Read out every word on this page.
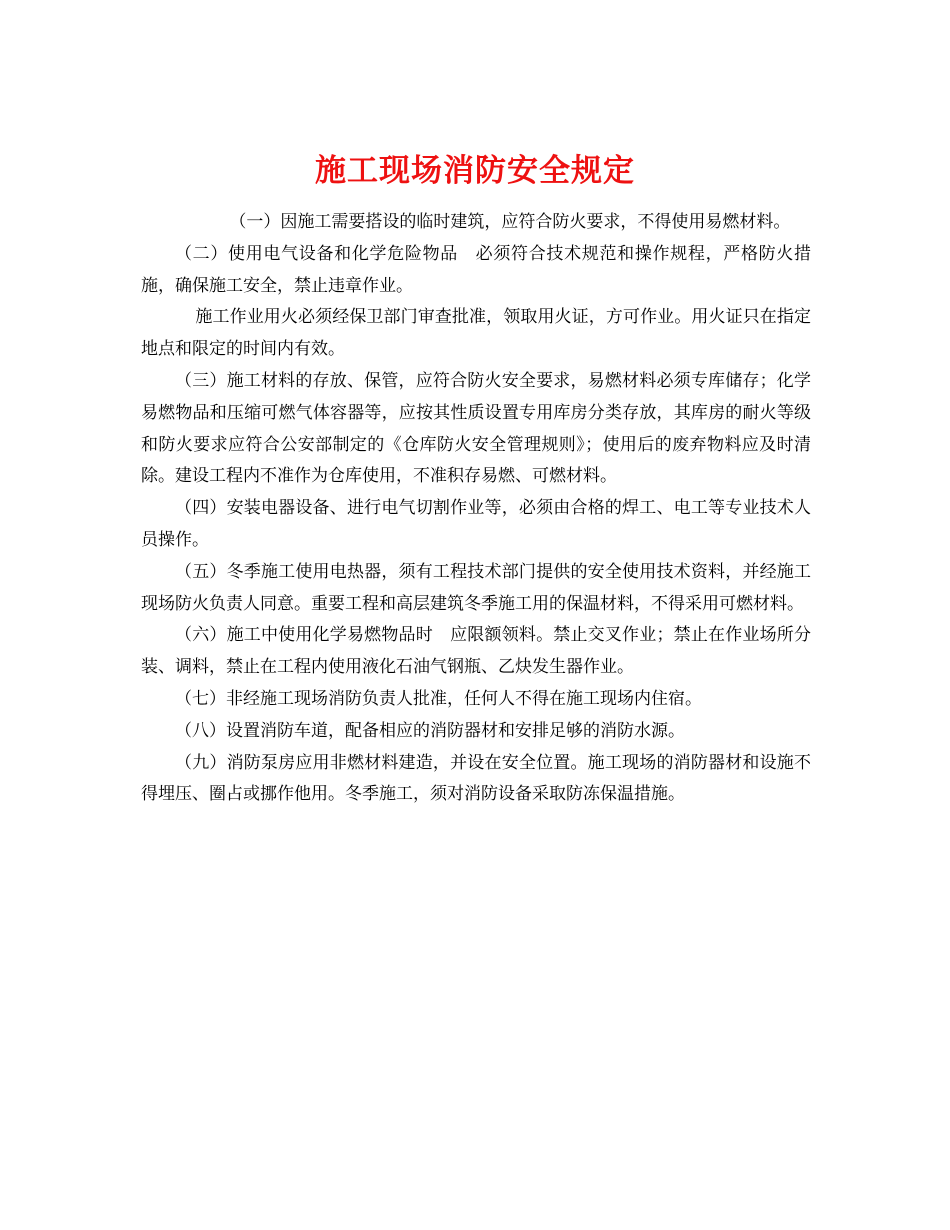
施工现场消防安全规定

（一）因施工需要搭设的临时建筑，应符合防火要求，不得使用易燃材料。

（二）使用电气设备和化学危险物品　必须符合技术规范和操作规程，严格防火措施，确保施工安全，禁止违章作业。

施工作业用火必须经保卫部门审查批准，领取用火证，方可作业。用火证只在指定地点和限定的时间内有效。

（三）施工材料的存放、保管，应符合防火安全要求，易燃材料必须专库储存；化学易燃物品和压缩可燃气体容器等，应按其性质设置专用库房分类存放，其库房的耐火等级和防火要求应符合公安部制定的《仓库防火安全管理规则》；使用后的废弃物料应及时清除。建设工程内不准作为仓库使用，不准积存易燃、可燃材料。

（四）安装电器设备、进行电气切割作业等，必须由合格的焊工、电工等专业技术人员操作。

（五）冬季施工使用电热器，须有工程技术部门提供的安全使用技术资料，并经施工现场防火负责人同意。重要工程和高层建筑冬季施工用的保温材料，不得采用可燃材料。

（六）施工中使用化学易燃物品时　应限额领料。禁止交叉作业；禁止在作业场所分装、调料，禁止在工程内使用液化石油气钢瓶、乙炔发生器作业。

（七）非经施工现场消防负责人批准，任何人不得在施工现场内住宿。

（八）设置消防车道，配备相应的消防器材和安排足够的消防水源。

（九）消防泵房应用非燃材料建造，并设在安全位置。施工现场的消防器材和设施不得埋压、圈占或挪作他用。冬季施工，须对消防设备采取防冻保温措施。
